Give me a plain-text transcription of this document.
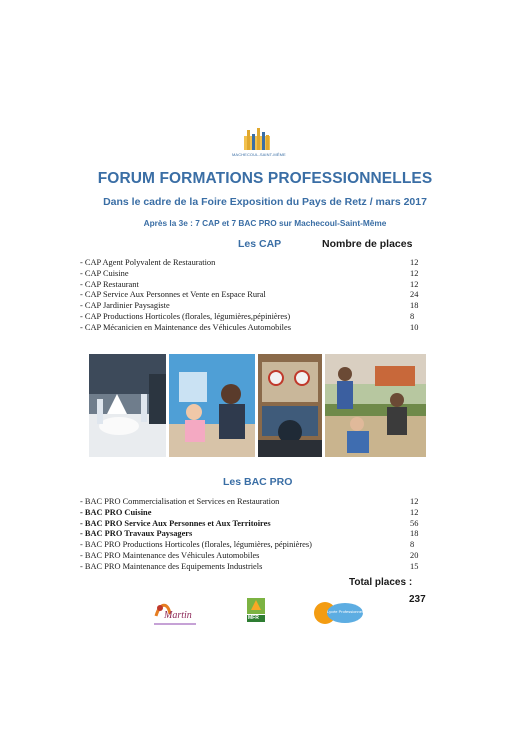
MACHECOUL-SAINT-MÊME
FORUM FORMATIONS PROFESSIONNELLES
Dans le cadre de la Foire Exposition du Pays de Retz / mars 2017
Après la 3e : 7 CAP et 7 BAC PRO sur Machecoul-Saint-Même
Les CAP	Nombre de places
- CAP Agent Polyvalent de Restauration	12
- CAP Cuisine	12
- CAP Restaurant	12
- CAP Service Aux Personnes et Vente en Espace Rural	24
- CAP Jardinier Paysagiste	18
- CAP Productions Horticoles (florales, légumières,pépinières)	8
- CAP Mécanicien en Maintenance des Véhicules Automobiles	10
Les BAC PRO
- BAC PRO Commercialisation et Services en Restauration	12
- BAC PRO Cuisine	12
- BAC PRO Service Aux Personnes et Aux Territoires	56
- BAC PRO Travaux Paysagers	18
- BAC PRO Productions Horticoles (florales, légumières, pépinières)	8
- BAC PRO Maintenance des Véhicules Automobiles	20
- BAC PRO Maintenance des Equipements Industriels	15
Total places :
237
Martin	MFR
Lycée Professionnel
